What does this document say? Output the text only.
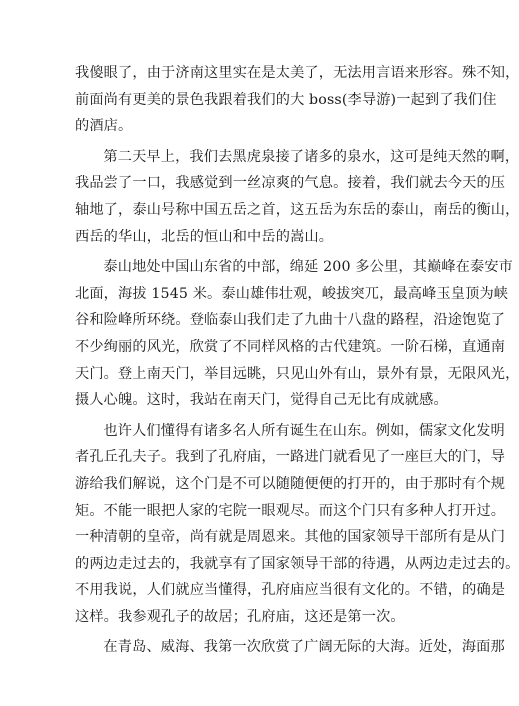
我傻眼了，由于济南这里实在是太美了，无法用言语来形容。殊不知，
前面尚有更美的景色我跟着我们的大 boss(李导游)一起到了我们住
的酒店。

第二天早上，我们去黑虎泉接了诸多的泉水，这可是纯天然的啊，
我品尝了一口，我感觉到一丝凉爽的气息。接着，我们就去今天的压
轴地了，泰山号称中国五岳之首，这五岳为东岳的泰山，南岳的衡山，
西岳的华山，北岳的恒山和中岳的嵩山。

泰山地处中国山东省的中部，绵延 200 多公里，其巅峰在泰安市
北面，海拔 1545 米。泰山雄伟壮观，峻拔突兀，最高峰玉皇顶为峡
谷和险峰所环绕。登临泰山我们走了九曲十八盘的路程，沿途饱览了
不少绚丽的风光，欣赏了不同样风格的古代建筑。一阶石梯，直通南
天门。登上南天门，举目远眺，只见山外有山，景外有景，无限风光，
摄人心魄。这时，我站在南天门，觉得自己无比有成就感。

也许人们懂得有诸多名人所有诞生在山东。例如，儒家文化发明
者孔丘孔夫子。我到了孔府庙，一路进门就看见了一座巨大的门，导
游给我们解说，这个门是不可以随随便便的打开的，由于那时有个规
矩。不能一眼把人家的宅院一眼观尽。而这个门只有多种人打开过。
一种清朝的皇帝，尚有就是周恩来。其他的国家领导干部所有是从门
的两边走过去的，我就享有了国家领导干部的待遇，从两边走过去的。
不用我说，人们就应当懂得，孔府庙应当很有文化的。不错，的确是
这样。我参观孔子的故居；孔府庙，这还是第一次。

在青岛、威海、我第一次欣赏了广阔无际的大海。近处，海面那
